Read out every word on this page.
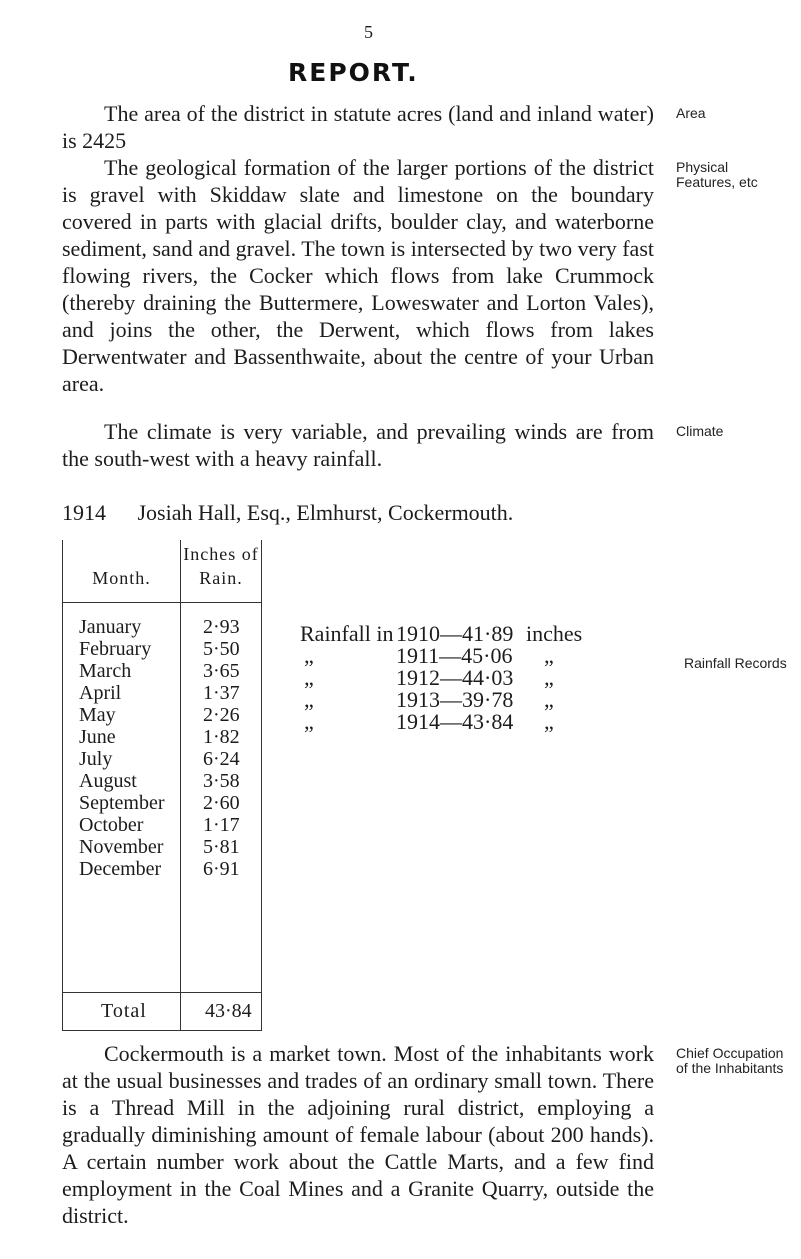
5
REPORT.
The area of the district in statute acres (land and inland water) is 2425
Area
The geological formation of the larger portions of the district is gravel with Skiddaw slate and limestone on the boundary covered in parts with glacial drifts, boulder clay, and waterborne sediment, sand and gravel. The town is intersected by two very fast flowing rivers, the Cocker which flows from lake Crummock (thereby draining the Buttermere, Loweswater and Lorton Vales), and joins the other, the Derwent, which flows from lakes Derwentwater and Bassenthwaite, about the centre of your Urban area.
Physical Features, etc
The climate is very variable, and prevailing winds are from the south-west with a heavy rainfall.
Climate
1914 Josiah Hall, Esq., Elmhurst, Cockermouth.
Month.
Inches of Rain.
January	2·93
February	5·50
March	3·65
April	1·37
May	2·26
June	1·82
July	6·24
August	3·58
September 2·60
October	1·17
November 5·81
December 6·91
Total	43·84
Rainfall in 1910—41·89 inches
„	1911—45·06 „
„	1912—44·03 „
„	1913—39·78 „
„	1914—43·84 „
Rainfall Records
Cockermouth is a market town. Most of the inhabitants work at the usual businesses and trades of an ordinary small town. There is a Thread Mill in the adjoining rural district, employing a gradually diminishing amount of female labour (about 200 hands). A certain number work about the Cattle Marts, and a few find employment in the Coal Mines and a Granite Quarry, outside the district.
Chief Occupation of the Inhabitants
